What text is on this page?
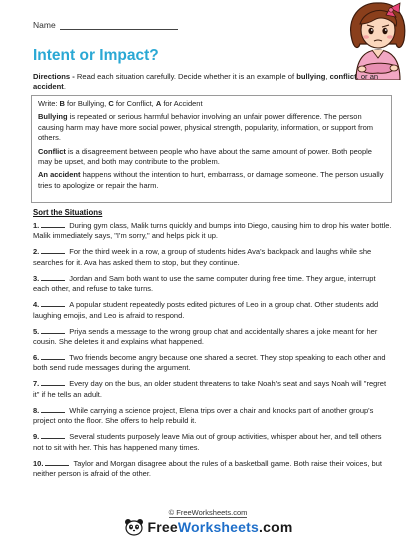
Name
Intent or Impact?
Directions - Read each situation carefully. Decide whether it is an example of bullying, conflict, or an accident.

Write: B for Bullying, C for Conflict, A for Accident

Bullying is repeated or serious harmful behavior involving an unfair power difference. The person causing harm may have more social power, physical strength, popularity, information, or support from others.

Conflict is a disagreement between people who have about the same amount of power. Both people may be upset, and both may contribute to the problem.

An accident happens without the intention to hurt, embarrass, or damage someone. The person usually tries to apologize or repair the harm.

Sort the Situations
1.	During gym class, Malik turns quickly and bumps into Diego, causing him to drop his water bottle. Malik immediately says, "I'm sorry," and helps pick it up.
2.	For the third week in a row, a group of students hides Ava's backpack and laughs while she searches for it. Ava has asked them to stop, but they continue.
3.	Jordan and Sam both want to use the same computer during free time. They argue, interrupt each other, and refuse to take turns.
4.	A popular student repeatedly posts edited pictures of Leo in a group chat. Other students add laughing emojis, and Leo is afraid to respond.
5.	Priya sends a message to the wrong group chat and accidentally shares a joke meant for her cousin. She deletes it and explains what happened.
6.	Two friends become angry because one shared a secret. They stop speaking to each other and both send rude messages during the argument.
7.	Every day on the bus, an older student threatens to take Noah's seat and says Noah will "regret it" if he tells an adult.
8.	While carrying a science project, Elena trips over a chair and knocks part of another group's project onto the floor. She offers to help rebuild it.
9.	Several students purposely leave Mia out of group activities, whisper about her, and tell others not to sit with her. This has happened many times.
10.	Taylor and Morgan disagree about the rules of a basketball game. Both raise their voices, but neither person is afraid of the other.
© FreeWorksheets.com
FreeWorksheets.com
